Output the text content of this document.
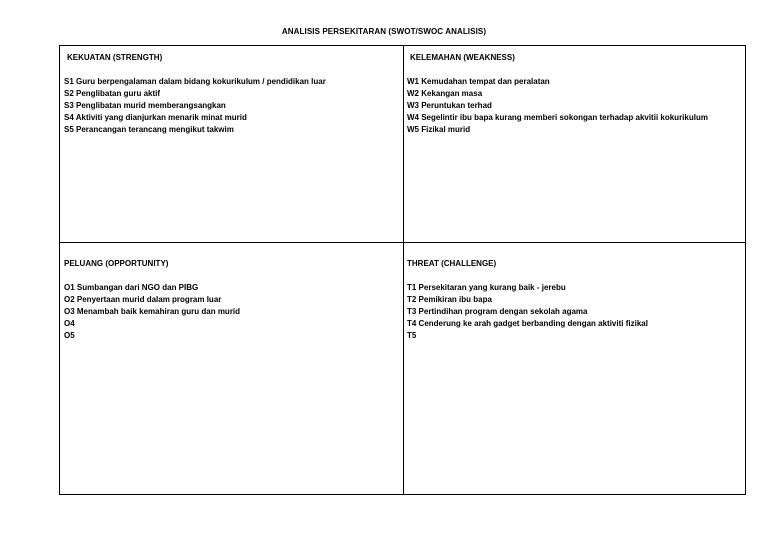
ANALISIS PERSEKITARAN (SWOT/SWOC ANALISIS)
KEKUATAN (STRENGTH)
S1 Guru berpengalaman dalam bidang kokurikulum / pendidikan luar
S2 Penglibatan guru aktif
S3 Penglibatan murid memberangsangkan
S4 Aktiviti yang dianjurkan menarik minat murid
S5 Perancangan terancang mengikut takwim
KELEMAHAN (WEAKNESS)
W1 Kemudahan tempat dan peralatan
W2 Kekangan masa
W3 Peruntukan terhad
W4 Segelintir ibu bapa kurang memberi sokongan terhadap akvitii kokurikulum
W5 Fizikal murid
PELUANG (OPPORTUNITY)
O1 Sumbangan dari NGO dan PIBG
O2 Penyertaan murid dalam program luar
O3 Menambah baik kemahiran guru dan murid
O4
O5
THREAT (CHALLENGE)
T1 Persekitaran yang kurang baik - jerebu
T2 Pemikiran ibu bapa
T3 Pertindihan program dengan sekolah agama
T4 Cenderung ke arah gadget berbanding dengan aktiviti fizikal
T5
